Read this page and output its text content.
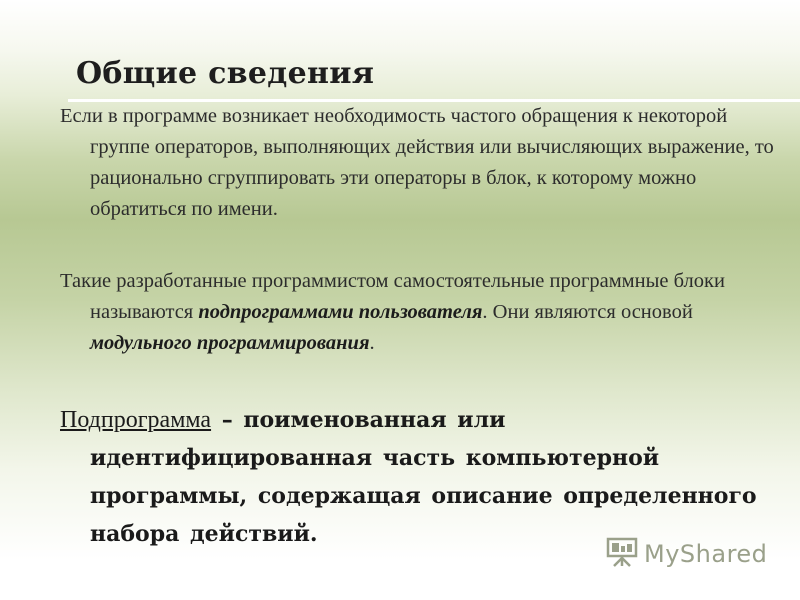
Общие сведения

Если в программе возникает необходимость частого обращения к некоторой группе операторов, выполняющих действия или вычисляющих выражение, то рационально сгруппировать эти операторы в блок, к которому можно обратиться по имени.

Такие разработанные программистом самостоятельные программные блоки называются подпрограммами пользователя. Они являются основой модульного программирования.

Подпрограмма – поименованная или идентифицированная часть компьютерной программы, содержащая описание определенного набора действий.

MyShared
